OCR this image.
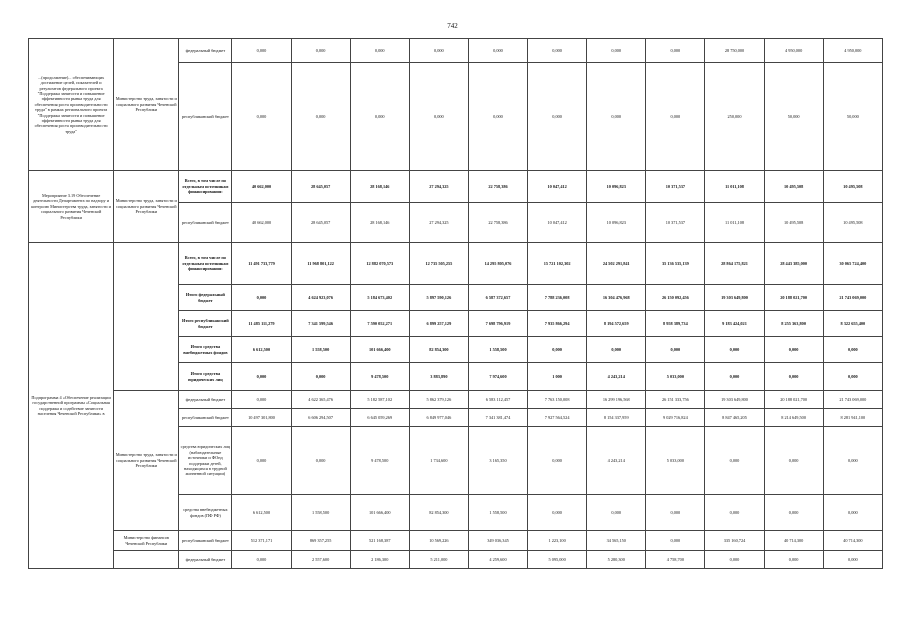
742
...(продолжение)... обеспечивающих достижение целей, показателей и результатов федерального проекта "Поддержка занятости и повышение эффективности рынка труда для обеспечения роста производительности труда" в рамках регионального проекта "Поддержка занятости и повышение эффективности рынка труда для обеспечения роста производительности труда"	Министерство труда, занятости и социального развития Чеченской Республики	федеральный бюджет	0,000	0,000	0,000	0,000	0,000	0,000	0,000	0,000	28 750,000	4 950,000	4 950,000
		республиканский бюджет	0,000	0,000	0,000	0,000	0,000	0,000	0,000	0,000	250,000	50,000	50,000
Мероприятие 3.19 Обеспечение деятельности Департамента по надзору и контролю Министерства труда, занятости и социального развития Чеченской Республики	Министерство труда, занятости и социального развития Чеченской Республики	Всего, в том числе по отдельным источникам финансирования:	40 662,000	28 645,057	28 168,146	27 294,325	22 758,386	10 047,412	10 096,823	10 371,537	11 011,108	10 495,508	10 495,508
		республиканский бюджет	40 662,000	28 645,057	28 168,146	27 294,325	22 758,386	10 047,412	10 096,823	10 371,537	11 011,108	10 495,508	10 495,508
Подпрограмма 4 «Обеспечение реализации государственной программы «Социальная поддержка и содействие занятости населения Чеченской Республики» в		Всего, в том числе по отдельным источникам финансирования:	11 491 733,779	11 968 801,122	12 882 070,573	12 735 505,255	14 295 805,076	15 721 102,302	24 502 291,841	35 136 535,139	28 864 175,821	28 443 385,000	30 065 724,400
		Итого федеральный бюджет	0,000	4 624 923,076	5 184 673,402	5 897 590,126	6 587 372,657	7 788 236,008	16 304 476,968	26 150 092,456	19 303 649,800	20 188 021,700	21 743 069,000
		Итого республиканский бюджет	11 485 111,279	7 341 599,546	7 590 052,271	6 899 257,129	7 698 796,919	7 935 866,294	8 194 572,659	8 958 389,734	9 183 424,021	8 255 363,800	8 322 655,400
		Итого средства внебюджетных фондов	6 612,500	1 558,500	101 666,400	82 854,300	1 558,500	0,000	0,000	0,000	0,000	0,000	0,000
		Итого средства юридических лиц	0,000	0,000	9 478,500	3 883,890	7 974,600	1 000	4 243,214	5 033,000	0,000	0,000	0,000
	Министерство труда, занятости и социального развития Чеченской Республики	федеральный бюджет	0,000	4 622 365,476	5 182 587,102	5 862 379,126	6 583 112,457	7 763 150,008	16 299 196,568	26 151 333,756	19 303 649,800	20 188 021,700	21 743 069,000
		республиканский бюджет	10 497 301,800	6 606 294,507	6 645 059,269	6 849 977,046	7 341 381,474	7 927 564,524	8 154 337,959	9 029 716,824	8 847 465,205	8 214 649,500	8 281 941,100
		средства юридических лиц (наблюдательные источники и ФОнд поддержки детей, находящихся в трудной жизненной ситуации)	0,000	0,000	9 478,500	1 734,600	3 165,350	0,000	4 243,214	5 033,000	0,000	0,000	0,000
		средства внебюджетных фондов (ПФ РФ)	6 612,500	1 558,500	101 666,400	82 854,300	1 558,500	0,000	0,000	0,000	0,000	0,000	0,000
	Министерство финансов Чеченской Республики	республиканский бюджет	512 371,171	869 357,255	521 168,387	10 569,226	349 036,345	1 223,100	34 565,150	0,000	335 160,724	40 714,300	40 714,300
		федеральный бюджет	0,000	2 557,600	2 186,300	5 211,000	4 259,600	5 095,000	5 280,300	4 758,700	0,000	0,000	0,000
